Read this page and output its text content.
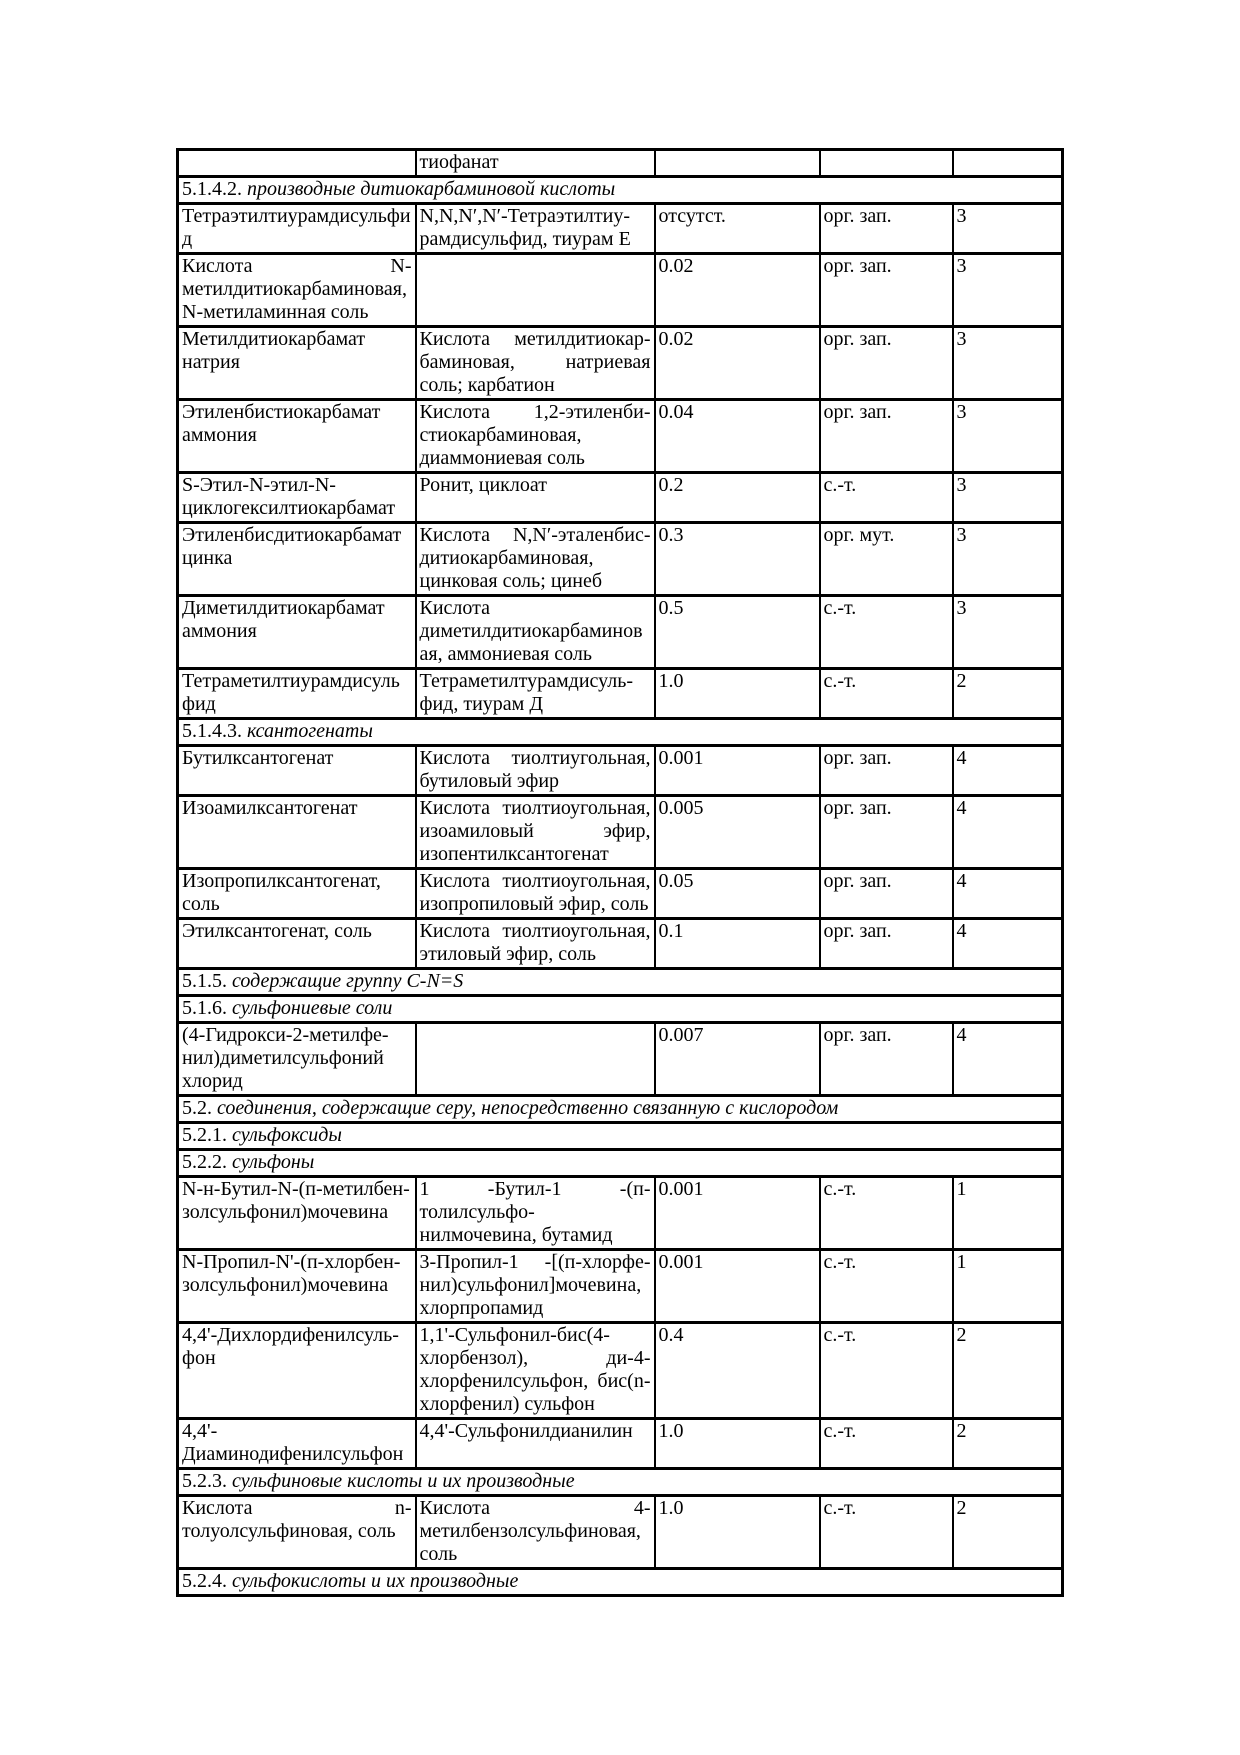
	тиофанат			
5.1.4.2. производные дитиокарбаминовой кислоты				
Тетраэтилтиурамдисульфид	N,N,N′,N′-Тетраэтилтиу-рамдисульфид, тиурам Е	отсутст.	орг. зап.	3
Кислота N-метилдитиокарбаминовая, N-метиламинная соль		0.02	орг. зап.	3
Метилдитиокарбамат натрия	Кислота метилдитиокар-баминовая, натриевая соль; карбатион	0.02	орг. зап.	3
Этиленбистиокарбамат аммония	Кислота 1,2-этиленби-стиокарбаминовая, диаммониевая соль	0.04	орг. зап.	3
S-Этил-N-этил-N-циклогексилтиокарбамат	Ронит, циклоат	0.2	с.-т.	3
Этиленбисдитиокарбамат цинка	Кислота N,N′-эталенбис-дитиокарбаминовая, цинковая соль; цинеб	0.3	орг. мут.	3
Диметилдитиокарбамат аммония	Кислота диметилдитиокарбаминовая, аммониевая соль	0.5	с.-т.	3
Тетраметилтиурамдисульфид	Тетраметилтурамдисуль-фид, тиурам Д	1.0	с.-т.	2
5.1.4.3. ксантогенаты				
Бутилксантогенат	Кислота тиолтиугольная, бутиловый эфир	0.001	орг. зап.	4
Изоамилксантогенат	Кислота тиолтиоугольная, изоамиловый эфир, изопентилксантогенат	0.005	орг. зап.	4
Изопропилксантогенат, соль	Кислота тиолтиоугольная, изопропиловый эфир, соль	0.05	орг. зап.	4
Этилксантогенат, соль	Кислота тиолтиоугольная, этиловый эфир, соль	0.1	орг. зап.	4
5.1.5. содержащие группу C-N=S				
5.1.6. сульфониевые соли				
(4-Гидрокси-2-метилфе-нил)диметилсульфоний хлорид		0.007	орг. зап.	4
5.2. соединения, содержащие серу, непосредственно связанную с кислородом				
5.2.1. сульфоксиды				
5.2.2. сульфоны				
N-н-Бутил-N-(п-метилбен-золсульфонил)мочевина	1 -Бутил-1 -(п-толилсульфо-нилмочевина, бутамид	0.001	с.-т.	1
N-Пропил-N'-(п-хлорбен-золсульфонил)мочевина	3-Пропил-1 -[(п-хлорфе-нил)сульфонил]мочевина, хлорпропамид	0.001	с.-т.	1
4,4'-Дихлордифенилсуль-фон	1,1'-Сульфонил-бис(4-хлорбензол), ди-4-хлорфенилсульфон, бис(n-хлорфенил) сульфон	0.4	с.-т.	2
4,4'-Диаминодифенилсульфон	4,4'-Сульфонилдианилин	1.0	с.-т.	2
5.2.3. сульфиновые кислоты и их производные				
Кислота n-толуолсульфиновая, соль	Кислота 4-метилбензолсульфиновая, соль	1.0	с.-т.	2
5.2.4. сульфокислоты и их производные				
